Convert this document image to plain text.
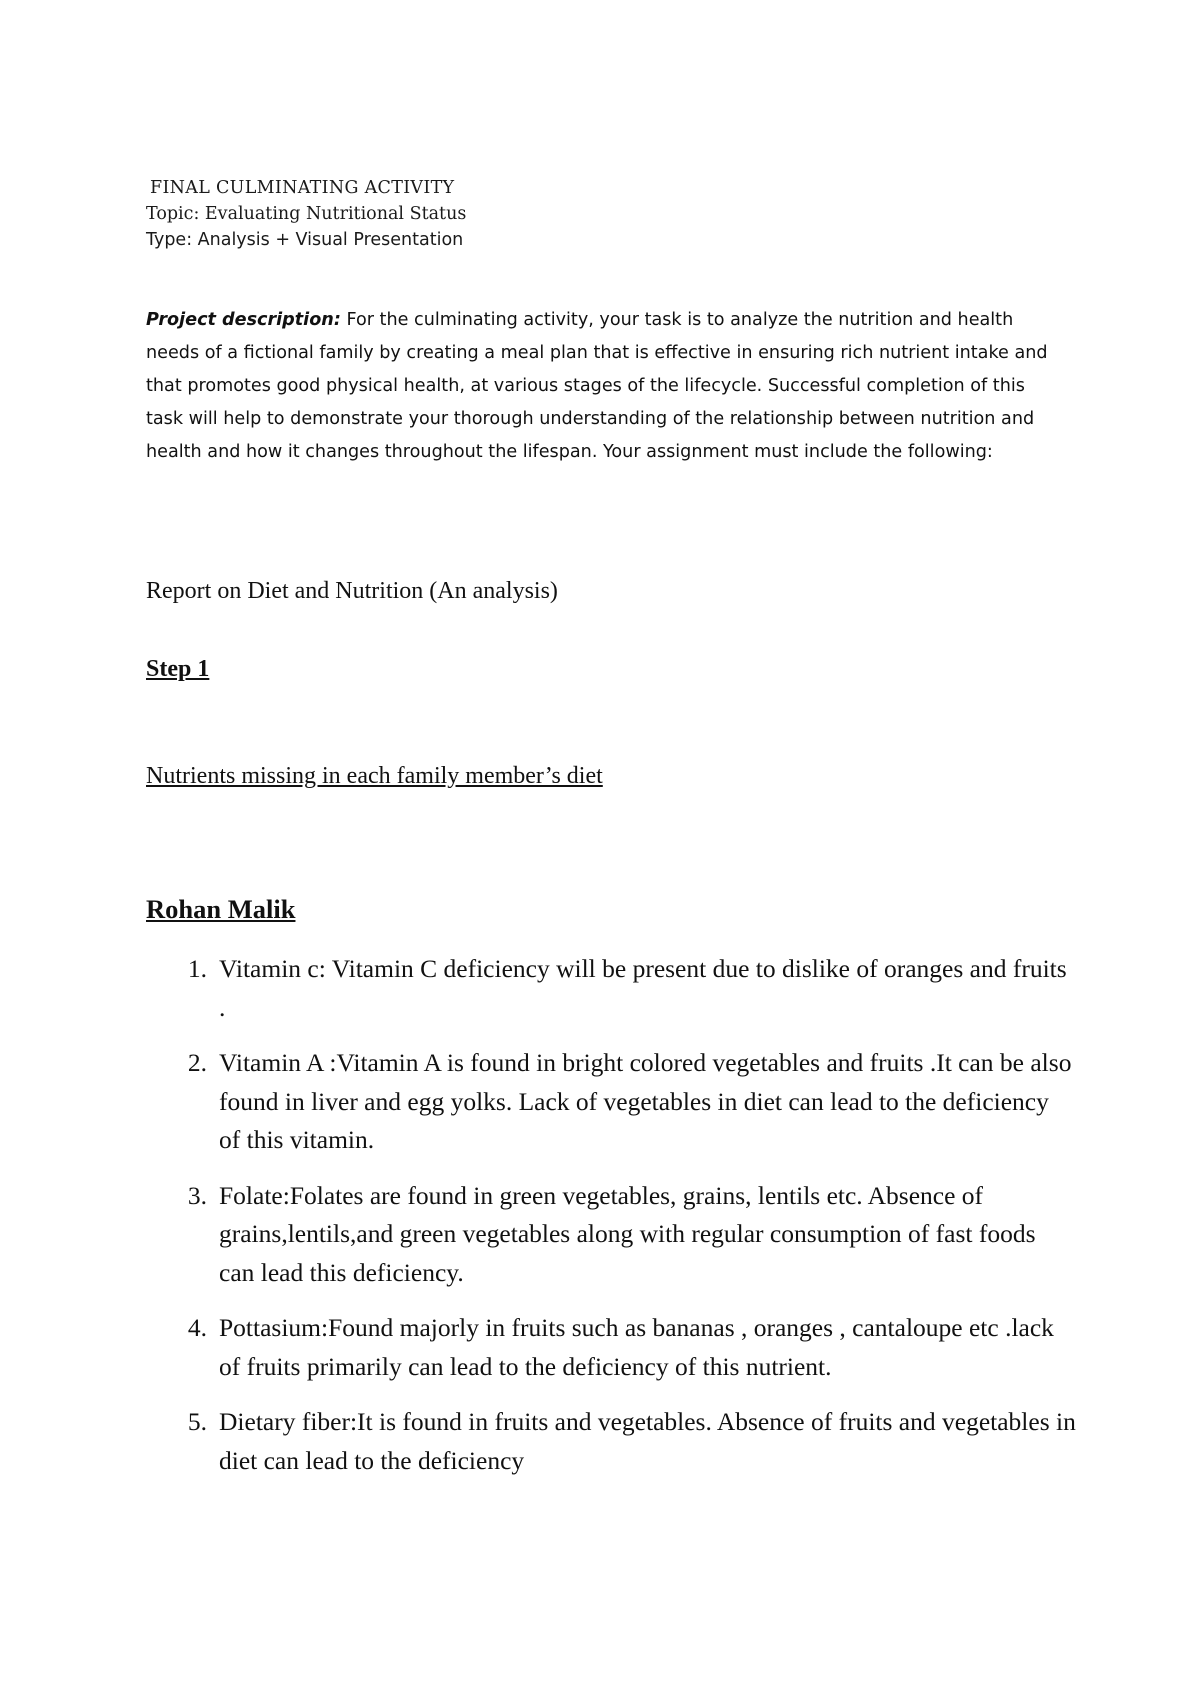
FINAL CULMINATING ACTIVITY
Topic: Evaluating Nutritional Status
Type: Analysis + Visual Presentation
Project description: For the culminating activity, your task is to analyze the nutrition and health needs of a fictional family by creating a meal plan that is effective in ensuring rich nutrient intake and that promotes good physical health, at various stages of the lifecycle. Successful completion of this task will help to demonstrate your thorough understanding of the relationship between nutrition and health and how it changes throughout the lifespan. Your assignment must include the following:
Report on Diet and Nutrition (An analysis)
Step 1
Nutrients missing in each family member’s diet
Rohan Malik
1. Vitamin c: Vitamin C deficiency will be present due to dislike of oranges and fruits .
2. Vitamin A :Vitamin A is found in bright colored vegetables and fruits .It can be also found in liver and egg yolks. Lack of vegetables in diet can lead to the deficiency of this vitamin.
3. Folate:Folates are found in green vegetables, grains, lentils etc. Absence of grains,lentils,and green vegetables along with regular consumption of fast foods can lead this deficiency.
4. Pottasium:Found majorly in fruits such as bananas , oranges , cantaloupe etc .lack of fruits primarily can lead to the deficiency of this nutrient.
5. Dietary fiber:It is found in fruits and vegetables. Absence of fruits and vegetables in diet can lead to the deficiency
